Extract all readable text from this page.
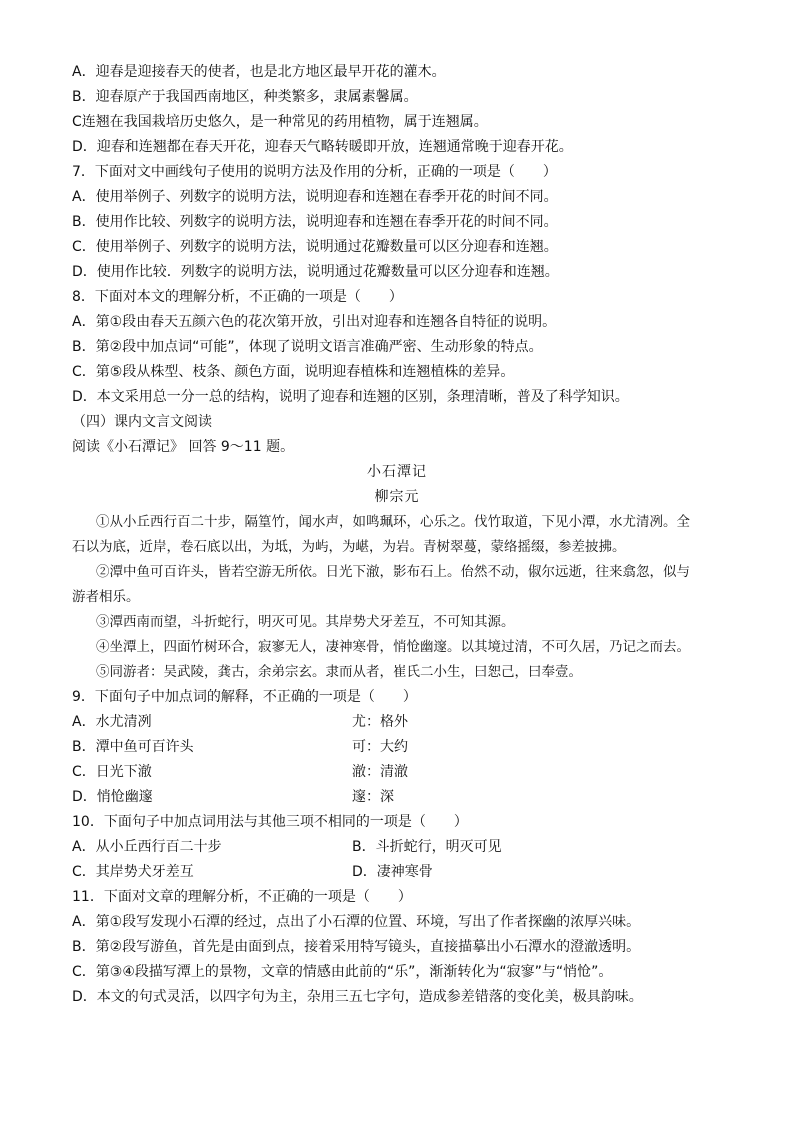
A．迎春是迎接春天的使者，也是北方地区最早开花的灌木。
B．迎春原产于我国西南地区，种类繁多，隶属素馨属。
C连翘在我国栽培历史悠久，是一种常见的药用植物，属于连翘属。
D．迎春和连翘都在春天开花，迎春天气略转暖即开放，连翘通常晚于迎春开花。
7．下面对文中画线句子使用的说明方法及作用的分析，正确的一项是（　　）
A．使用举例子、列数字的说明方法，说明迎春和连翘在春季开花的时间不同。
B．使用作比较、列数字的说明方法，说明迎春和连翘在春季开花的时间不同。
C．使用举例子、列数字的说明方法，说明通过花瓣数量可以区分迎春和连翘。
D．使用作比较．列数字的说明方法，说明通过花瓣数量可以区分迎春和连翘。
8．下面对本文的理解分析，不正确的一项是（　　）
A．第①段由春天五颜六色的花次第开放，引出对迎春和连翘各自特征的说明。
B．第②段中加点词“可能”，体现了说明文语言准确严密、生动形象的特点。
C．第⑤段从株型、枝条、颜色方面，说明迎春植株和连翘植株的差异。
D．本文采用总一分一总的结构，说明了迎春和连翘的区别，条理清晰，普及了科学知识。
（四）课内文言文阅读
阅读《小石潭记》 回答 9～11 题。
小石潭记
柳宗元
①从小丘西行百二十步，隔篁竹，闻水声，如鸣珮环，心乐之。伐竹取道，下见小潭，水尤清冽。全
石以为底，近岸，卷石底以出，为坻，为屿，为嵁，为岩。青树翠蔓，蒙络摇缀，参差披拂。
②潭中鱼可百许头，皆若空游无所依。日光下澈，影布石上。佁然不动，俶尔远逝，往来翕忽，似与
游者相乐。
③潭西南而望，斗折蛇行，明灭可见。其岸势犬牙差互，不可知其源。
④坐潭上，四面竹树环合，寂寥无人，凄神寒骨，悄怆幽邃。以其境过清，不可久居，乃记之而去。
⑤同游者：吴武陵，龚古，余弟宗玄。隶而从者，崔氏二小生，曰恕己，曰奉壹。
9．下面句子中加点词的解释，不正确的一项是（　　）
A．水尤清冽	尤：格外
B．潭中鱼可百许头	可：大约
C．日光下澈	澈：清澈
D．悄怆幽邃	邃：深
10．下面句子中加点词用法与其他三项不相同的一项是（　　）
A．从小丘西行百二十步	B．斗折蛇行，明灭可见
C．其岸势犬牙差互	D．凄神寒骨
11．下面对文章的理解分析，不正确的一项是（　　）
A．第①段写发现小石潭的经过，点出了小石潭的位置、环境，写出了作者探幽的浓厚兴味。
B．第②段写游鱼，首先是由面到点，接着采用特写镜头，直接描摹出小石潭水的澄澈透明。
C．第③④段描写潭上的景物，文章的情感由此前的“乐”，渐渐转化为“寂寥”与“悄怆”。
D．本文的句式灵活，以四字句为主，杂用三五七字句，造成参差错落的变化美，极具韵味。
